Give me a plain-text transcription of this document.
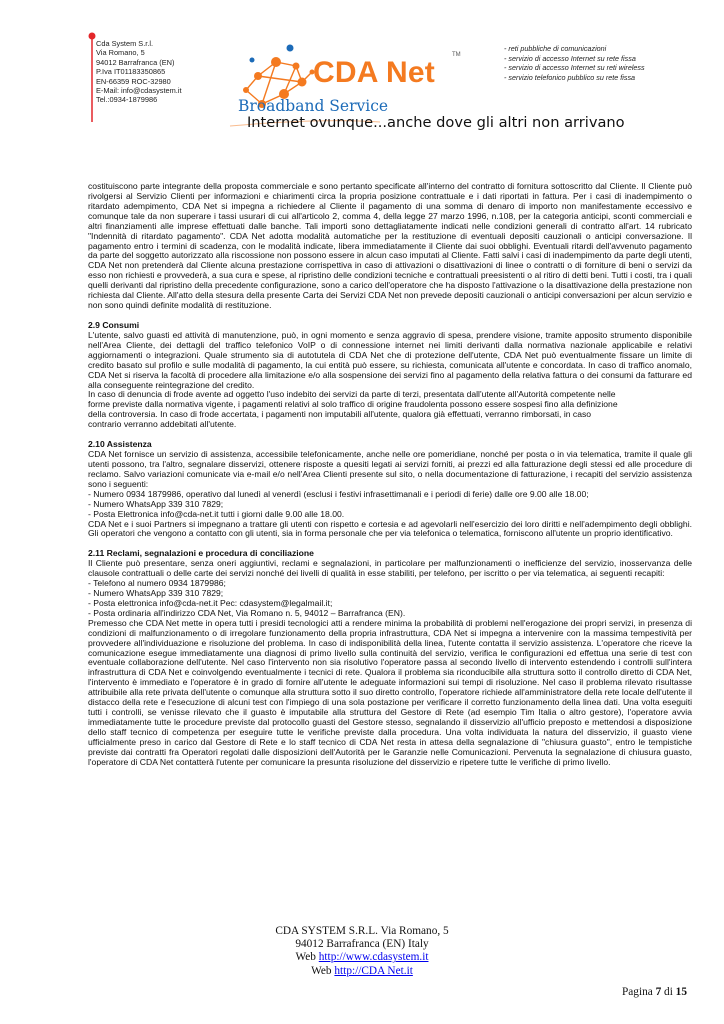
Cda System S.r.l.
Via Romano, 5
94012 Barrafranca (EN)
P.Iva IT01183350865
EN-66359 ROC-32980
E-Mail: info@cdasystem.it
Tel.:0934-1879986
CDA Net
TM
Broadband Service
Internet ovunque...anche dove gli altri non arrivano
- reti pubbliche di comunicazioni
- servizio di accesso Internet su rete fissa
- servizio di accesso Internet su reti wireless
- servizio telefonico pubblico su rete fissa

costituiscono parte integrante della proposta commerciale e sono pertanto specificate all'interno del contratto di fornitura sottoscritto dal Cliente. Il Cliente può rivolgersi al Servizio Clienti per informazioni e chiarimenti circa la propria posizione contrattuale e i dati riportati in fattura. Per i casi di inadempimento o ritardato adempimento, CDA Net si impegna a richiedere al Cliente il pagamento di una somma di denaro di importo non manifestamente eccessivo e comunque tale da non superare i tassi usurari di cui all'articolo 2, comma 4, della legge 27 marzo 1996, n.108, per la categoria anticipi, sconti commerciali e altri finanziamenti alle imprese effettuati dalle banche. Tali importi sono dettagliatamente indicati nelle condizioni generali di contratto all'art. 14 rubricato "Indennità di ritardato pagamento". CDA Net adotta modalità automatiche per la restituzione di eventuali depositi cauzionali o anticipi conversazione. Il pagamento entro i termini di scadenza, con le modalità indicate, libera immediatamente il Cliente dai suoi obblighi. Eventuali ritardi dell'avvenuto pagamento da parte del soggetto autorizzato alla riscossione non possono essere in alcun caso imputati al Cliente. Fatti salvi i casi di inadempimento da parte degli utenti, CDA Net non pretenderà dal Cliente alcuna prestazione corrispettiva in caso di attivazioni o disattivazioni di linee o contratti o di forniture di beni o servizi da esso non richiesti e provvederà, a sua cura e spese, al ripristino delle condizioni tecniche e contrattuali preesistenti o al ritiro di detti beni. Tutti i costi, tra i quali quelli derivanti dal ripristino della precedente configurazione, sono a carico dell'operatore che ha disposto l'attivazione o la disattivazione della prestazione non richiesta dal Cliente. All'atto della stesura della presente Carta dei Servizi CDA Net non prevede depositi cauzionali o anticipi conversazioni per alcun servizio e non sono quindi definite modalità di restituzione.

2.9 Consumi

L'utente, salvo guasti ed attività di manutenzione, può, in ogni momento e senza aggravio di spesa, prendere visione, tramite apposito strumento disponibile nell'Area Cliente, dei dettagli del traffico telefonico VoIP o di connessione internet nei limiti derivanti dalla normativa nazionale applicabile e relativi aggiornamenti o integrazioni. Quale strumento sia di autotutela di CDA Net che di protezione dell'utente, CDA Net può eventualmente fissare un limite di credito basato sul profilo e sulle modalità di pagamento, la cui entità può essere, su richiesta, comunicata all'utente e concordata. In caso di traffico anomalo, CDA Net si riserva la facoltà di procedere alla limitazione e/o alla sospensione dei servizi fino al pagamento della relativa fattura o dei consumi da fatturare ed alla conseguente reintegrazione del credito.

In caso di denuncia di frode avente ad oggetto l'uso indebito dei servizi da parte di terzi, presentata dall'utente all'Autorità competente nelle
forme previste dalla normativa vigente, i pagamenti relativi al solo traffico di origine fraudolenta possono essere sospesi fino alla definizione
della controversia. In caso di frode accertata, i pagamenti non imputabili all'utente, qualora già effettuati, verranno rimborsati, in caso
contrario verranno addebitati all'utente.
2.10 Assistenza

CDA Net fornisce un servizio di assistenza, accessibile telefonicamente, anche nelle ore pomeridiane, nonché per posta o in via telematica, tramite il quale gli utenti possono, tra l'altro, segnalare disservizi, ottenere risposte a quesiti legati ai servizi forniti, ai prezzi ed alla fatturazione degli stessi ed alle procedure di reclamo. Salvo variazioni comunicate via e-mail e/o nell'Area Clienti presente sul sito, o nella documentazione di fatturazione, i recapiti del servizio assistenza sono i seguenti:

- Numero 0934 1879986, operativo dal lunedì al venerdì (esclusi i festivi infrasettimanali e i periodi di ferie) dalle ore 9.00 alle 18.00;
- Numero WhatsApp 339 310 7829;
- Posta Elettronica info@cda-net.it tutti i giorni dalle 9.00 alle 18.00.

CDA Net e i suoi Partners si impegnano a trattare gli utenti con rispetto e cortesia e ad agevolarli nell'esercizio dei loro diritti e nell'adempimento degli obblighi. Gli operatori che vengono a contatto con gli utenti, sia in forma personale che per via telefonica o telematica, forniscono all'utente un proprio identificativo.

2.11 Reclami, segnalazioni e procedura di conciliazione

Il Cliente può presentare, senza oneri aggiuntivi, reclami e segnalazioni, in particolare per malfunzionamenti o inefficienze del servizio, inosservanza delle clausole contrattuali o delle carte dei servizi nonché dei livelli di qualità in esse stabiliti, per telefono, per iscritto o per via telematica, ai seguenti recapiti:

- Telefono al numero 0934 1879986;
- Numero WhatsApp 339 310 7829;
- Posta elettronica info@cda-net.it Pec: cdasystem@legalmail.it;
- Posta ordinaria all'indirizzo CDA Net, Via Romano n. 5, 94012 – Barrafranca (EN).

Premesso che CDA Net mette in opera tutti i presidi tecnologici atti a rendere minima la probabilità di problemi nell'erogazione dei propri servizi, in presenza di condizioni di malfunzionamento o di irregolare funzionamento della propria infrastruttura, CDA Net si impegna a intervenire con la massima tempestività per provvedere all'individuazione e risoluzione del problema. In caso di indisponibilità della linea, l'utente contatta il servizio assistenza. L'operatore che riceve la comunicazione esegue immediatamente una diagnosi di primo livello sulla continuità del servizio, verifica le configurazioni ed effettua una serie di test con eventuale collaborazione dell'utente. Nel caso l'intervento non sia risolutivo l'operatore passa al secondo livello di intervento estendendo i controlli sull'intera infrastruttura di CDA Net e coinvolgendo eventualmente i tecnici di rete. Qualora il problema sia riconducibile alla struttura sotto il controllo diretto di CDA Net, l'intervento è immediato e l'operatore è in grado di fornire all'utente le adeguate informazioni sui tempi di risoluzione. Nel caso il problema rilevato risultasse attribuibile alla rete privata dell'utente o comunque alla struttura sotto il suo diretto controllo, l'operatore richiede all'amministratore della rete locale dell'utente il distacco della rete e l'esecuzione di alcuni test con l'impiego di una sola postazione per verificare il corretto funzionamento della linea dati. Una volta eseguiti tutti i controlli, se venisse rilevato che il guasto è imputabile alla struttura del Gestore di Rete (ad esempio Tim Italia o altro gestore), l'operatore avvia immediatamente tutte le procedure previste dal protocollo guasti del Gestore stesso, segnalando il disservizio all'ufficio preposto e mettendosi a disposizione dello staff tecnico di competenza per eseguire tutte le verifiche previste dalla procedura. Una volta individuata la natura del disservizio, il guasto viene ufficialmente preso in carico dal Gestore di Rete e lo staff tecnico di CDA Net resta in attesa della segnalazione di "chiusura guasto", entro le tempistiche previste dai contratti fra Operatori regolati dalle disposizioni dell'Autorità per le Garanzie nelle Comunicazioni. Pervenuta la segnalazione di chiusura guasto, l'operatore di CDA Net contatterà l'utente per comunicare la presunta risoluzione del disservizio e ripetere tutte le verifiche di primo livello.

CDA SYSTEM S.R.L. Via Romano, 5
94012 Barrafranca (EN) Italy
Web http://www.cdasystem.it
Web http://CDA Net.it
Pagina 7 di 15
